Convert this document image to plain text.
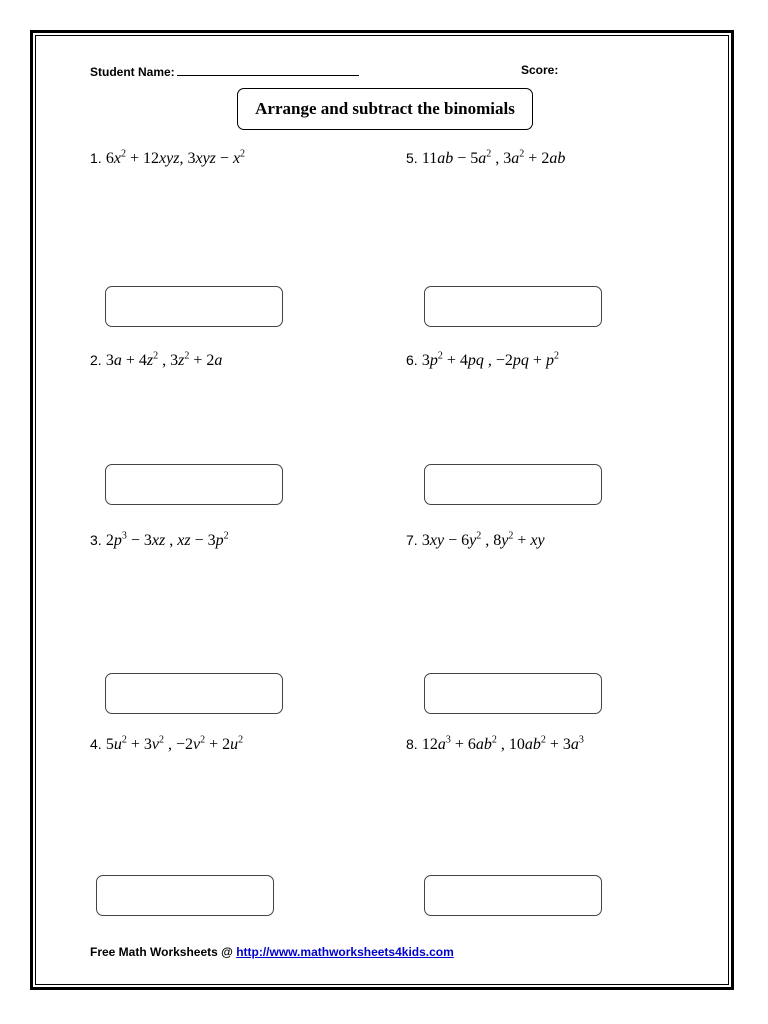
Student Name:	Score:
Arrange and subtract the binomials
1. $6x^2 + 12xyz$, $3xyz - x^2$
2. $3a + 4z^2$ , $3z^2 + 2a$
3. $2p^3 - 3xz$ , xz − $3p^2$
4. $5u^2 + 3v^2$ , $-2v^2 + 2u^2$
5. $11ab - 5a^2$ , $3a^2 + 2ab$
6. $3p^2 + 4pq$ , $-2pq + p^2$
7. $3xy - 6y^2$ , $8y^2$ + xy
8. $12a^3 + 6ab^2$ , $10ab^2 + 3a^3$
Free Math Worksheets @ http://www.mathworksheets4kids.com
